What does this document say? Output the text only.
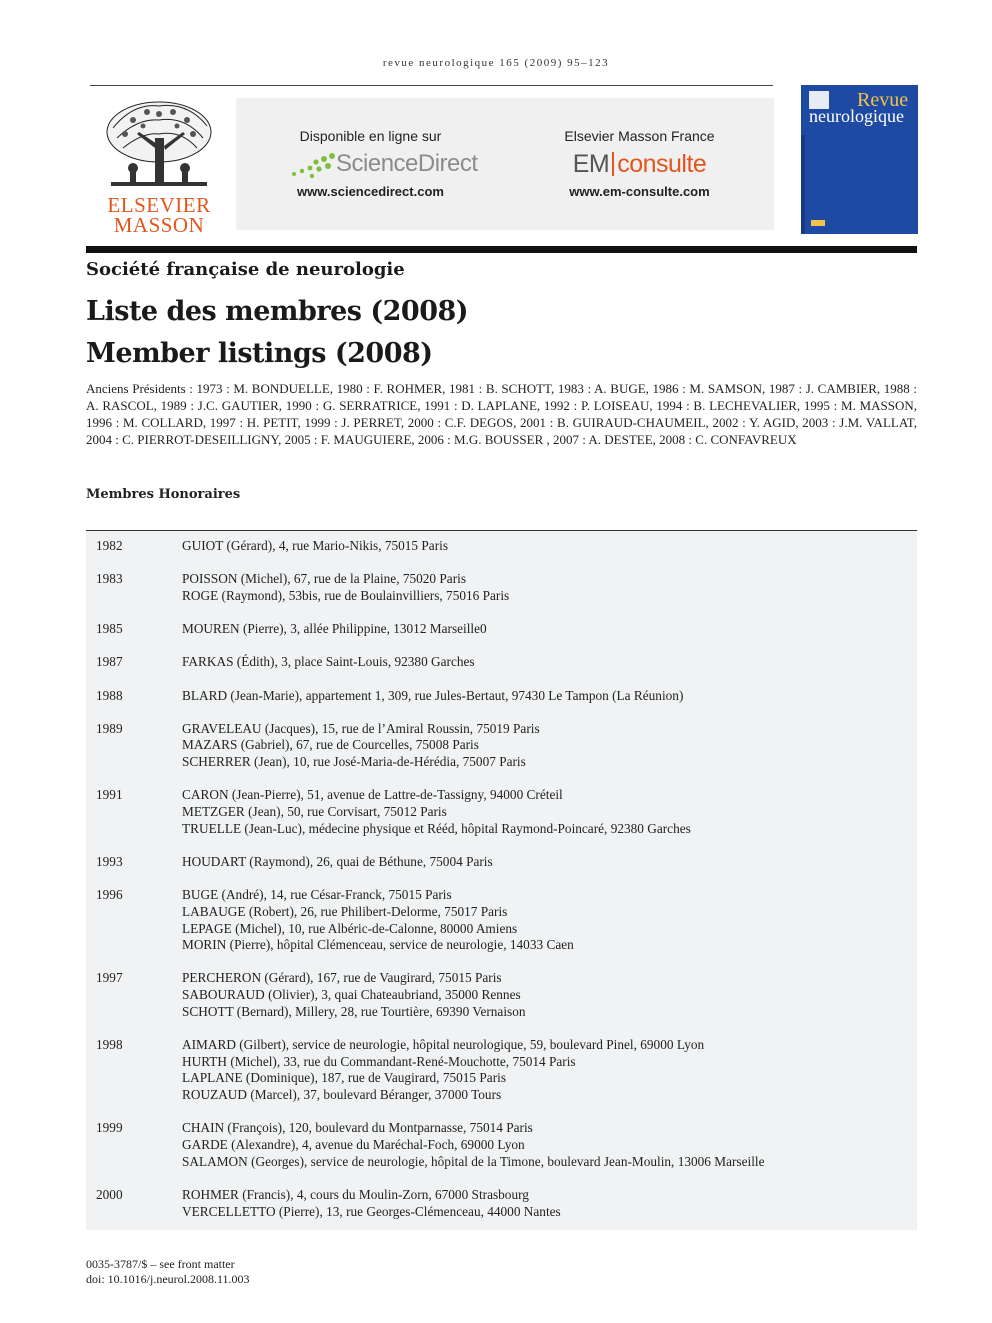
revue neurologique 165 (2009) 95–123
ELSEVIER
MASSON
Disponible en ligne sur
ScienceDirect
www.sciencedirect.com
Elsevier Masson France
EM consulte
www.em-consulte.com
Revue
neurologique
Société française de neurologie
Liste des membres (2008)
Member listings (2008)
Anciens Présidents : 1973 : M. BONDUELLE, 1980 : F. ROHMER, 1981 : B. SCHOTT, 1983 : A. BUGE, 1986 : M. SAMSON, 1987 : J. CAMBIER, 1988 : A. RASCOL, 1989 : J.C. GAUTIER, 1990 : G. SERRATRICE, 1991 : D. LAPLANE, 1992 : P. LOISEAU, 1994 : B. LECHEVALIER, 1995 : M. MASSON, 1996 : M. COLLARD, 1997 : H. PETIT, 1999 : J. PERRET, 2000 : C.F. DEGOS, 2001 : B. GUIRAUD-CHAUMEIL, 2002 : Y. AGID, 2003 : J.M. VALLAT, 2004 : C. PIERROT-DESEILLIGNY, 2005 : F. MAUGUIERE, 2006 : M.G. BOUSSER , 2007 : A. DESTEE, 2008 : C. CONFAVREUX
Membres Honoraires
1982	GUIOT (Gérard), 4, rue Mario-Nikis, 75015 Paris
1983	POISSON (Michel), 67, rue de la Plaine, 75020 Paris
ROGE (Raymond), 53bis, rue de Boulainvilliers, 75016 Paris
1985	MOUREN (Pierre), 3, allée Philippine, 13012 Marseille0
1987	FARKAS (Édith), 3, place Saint-Louis, 92380 Garches
1988	BLARD (Jean-Marie), appartement 1, 309, rue Jules-Bertaut, 97430 Le Tampon (La Réunion)
1989	GRAVELEAU (Jacques), 15, rue de l’Amiral Roussin, 75019 Paris
MAZARS (Gabriel), 67, rue de Courcelles, 75008 Paris
SCHERRER (Jean), 10, rue José-Maria-de-Hérédia, 75007 Paris
1991	CARON (Jean-Pierre), 51, avenue de Lattre-de-Tassigny, 94000 Créteil
METZGER (Jean), 50, rue Corvisart, 75012 Paris
TRUELLE (Jean-Luc), médecine physique et Rééd, hôpital Raymond-Poincaré, 92380 Garches
1993	HOUDART (Raymond), 26, quai de Béthune, 75004 Paris
1996	BUGE (André), 14, rue César-Franck, 75015 Paris
LABAUGE (Robert), 26, rue Philibert-Delorme, 75017 Paris
LEPAGE (Michel), 10, rue Albéric-de-Calonne, 80000 Amiens
MORIN (Pierre), hôpital Clémenceau, service de neurologie, 14033 Caen
1997	PERCHERON (Gérard), 167, rue de Vaugirard, 75015 Paris
SABOURAUD (Olivier), 3, quai Chateaubriand, 35000 Rennes
SCHOTT (Bernard), Millery, 28, rue Tourtière, 69390 Vernaison
1998	AIMARD (Gilbert), service de neurologie, hôpital neurologique, 59, boulevard Pinel, 69000 Lyon
HURTH (Michel), 33, rue du Commandant-René-Mouchotte, 75014 Paris
LAPLANE (Dominique), 187, rue de Vaugirard, 75015 Paris
ROUZAUD (Marcel), 37, boulevard Béranger, 37000 Tours
1999	CHAIN (François), 120, boulevard du Montparnasse, 75014 Paris
GARDE (Alexandre), 4, avenue du Maréchal-Foch, 69000 Lyon
SALAMON (Georges), service de neurologie, hôpital de la Timone, boulevard Jean-Moulin, 13006 Marseille
2000	ROHMER (Francis), 4, cours du Moulin-Zorn, 67000 Strasbourg
VERCELLETTO (Pierre), 13, rue Georges-Clémenceau, 44000 Nantes
0035-3787/$ – see front matter
doi: 10.1016/j.neurol.2008.11.003
